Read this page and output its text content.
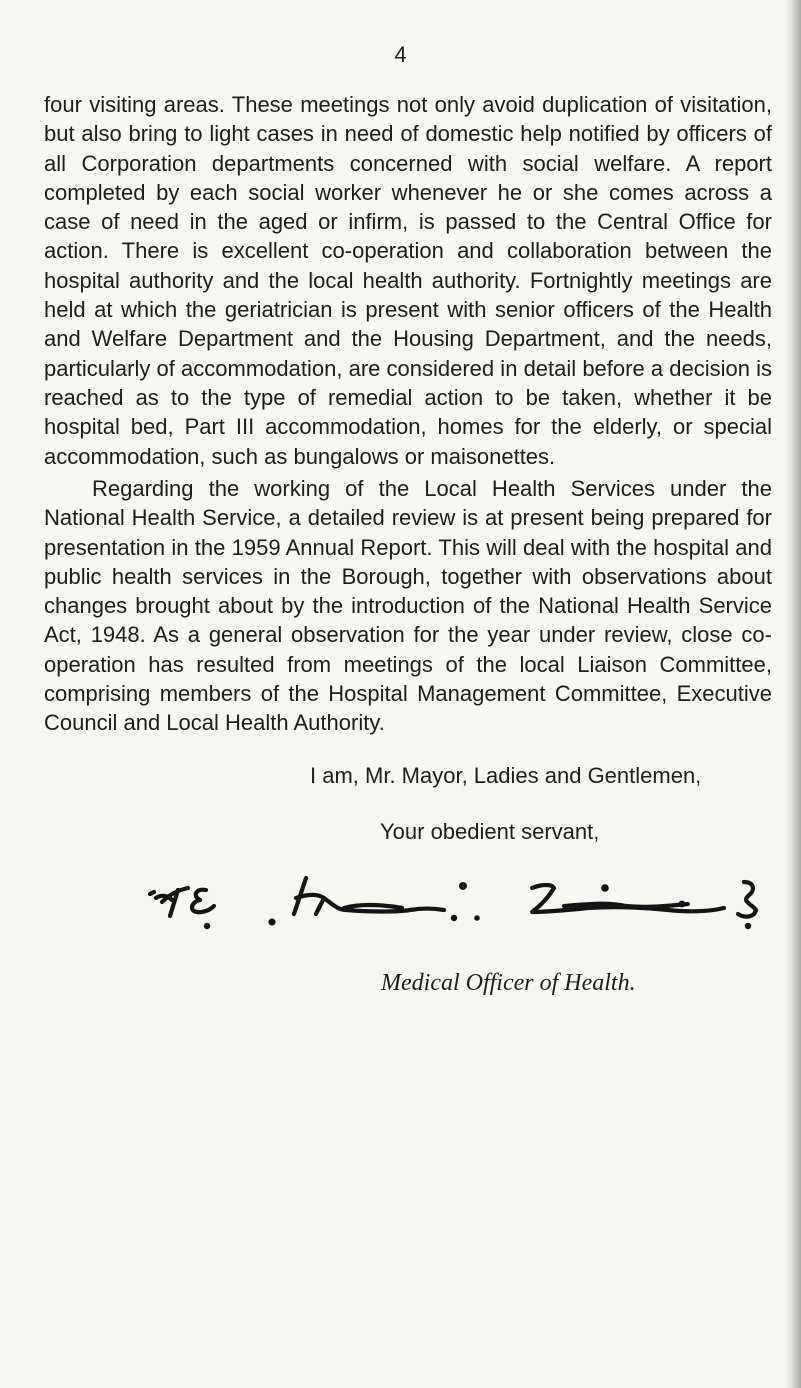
4

four visiting areas. These meetings not only avoid duplication of visitation, but also bring to light cases in need of domestic help notified by officers of all Corporation departments concerned with social welfare. A report completed by each social worker whenever he or she comes across a case of need in the aged or infirm, is passed to the Central Office for action. There is excellent co-operation and collaboration between the hospital authority and the local health authority. Fortnightly meetings are held at which the geriatrician is present with senior officers of the Health and Welfare Department and the Housing Department, and the needs, particularly of accommodation, are considered in detail before a decision is reached as to the type of remedial action to be taken, whether it be hospital bed, Part III accommodation, homes for the elderly, or special accommodation, such as bungalows or maisonettes.

Regarding the working of the Local Health Services under the National Health Service, a detailed review is at present being prepared for presentation in the 1959 Annual Report. This will deal with the hospital and public health services in the Borough, together with observations about changes brought about by the introduction of the National Health Service Act, 1948. As a general observation for the year under review, close co-operation has resulted from meetings of the local Liaison Committee, comprising members of the Hospital Management Committee, Executive Council and Local Health Authority.

I am, Mr. Mayor, Ladies and Gentlemen,
Your obedient servant,
Medical Officer of Health.
